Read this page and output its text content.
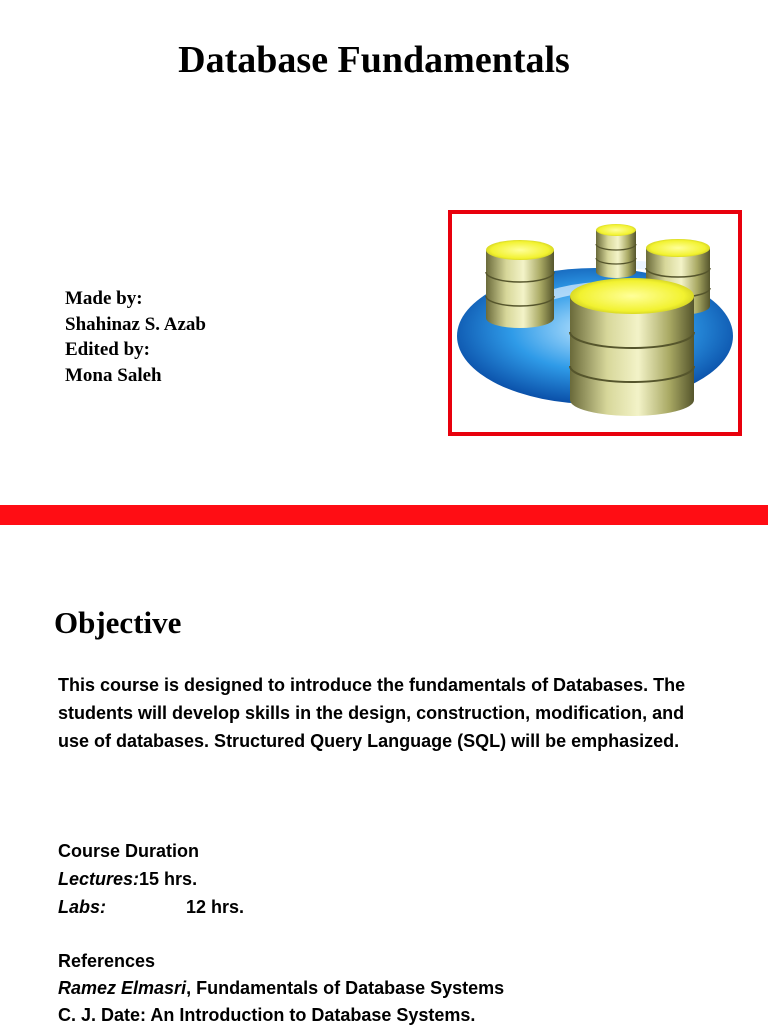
Database Fundamentals
Made by:
Shahinaz S. Azab
Edited by:
Mona Saleh
Objective

This course is designed to introduce the fundamentals of Databases. The students will develop skills in the design, construction, modification, and use of databases. Structured Query Language (SQL) will be emphasized.

Course Duration
Lectures:15 hrs.
Labs:	12 hrs.
References
Ramez Elmasri, Fundamentals of Database Systems
C. J. Date: An Introduction to Database Systems.
